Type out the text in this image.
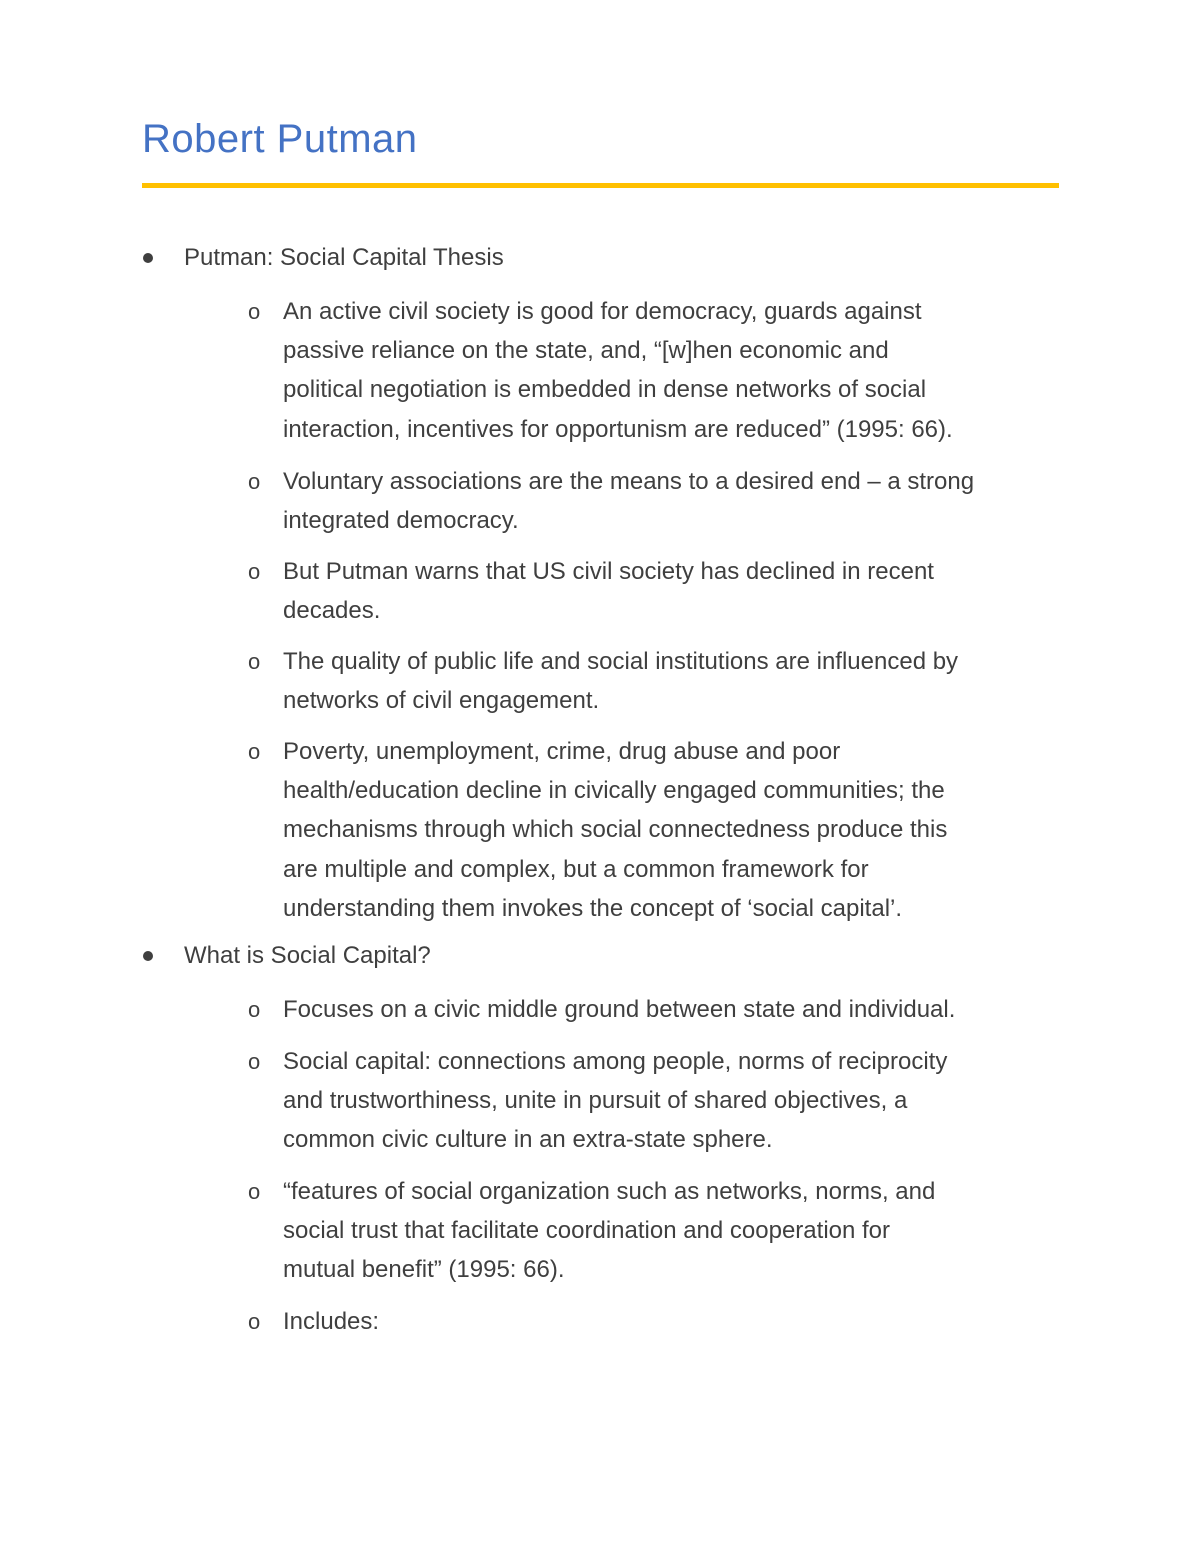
Robert Putman
Putman: Social Capital Thesis
o An active civil society is good for democracy, guards against
passive reliance on the state, and, “[w]hen economic and
political negotiation is embedded in dense networks of social
interaction, incentives for opportunism are reduced” (1995: 66).
o Voluntary associations are the means to a desired end – a strong
integrated democracy.
o But Putman warns that US civil society has declined in recent
decades.
o The quality of public life and social institutions are influenced by
networks of civil engagement.
o Poverty, unemployment, crime, drug abuse and poor
health/education decline in civically engaged communities; the
mechanisms through which social connectedness produce this
are multiple and complex, but a common framework for
understanding them invokes the concept of ‘social capital’.
What is Social Capital?
o Focuses on a civic middle ground between state and individual.
o Social capital: connections among people, norms of reciprocity
and trustworthiness, unite in pursuit of shared objectives, a
common civic culture in an extra-state sphere.
o “features of social organization such as networks, norms, and
social trust that facilitate coordination and cooperation for
mutual benefit” (1995: 66).
o Includes:
